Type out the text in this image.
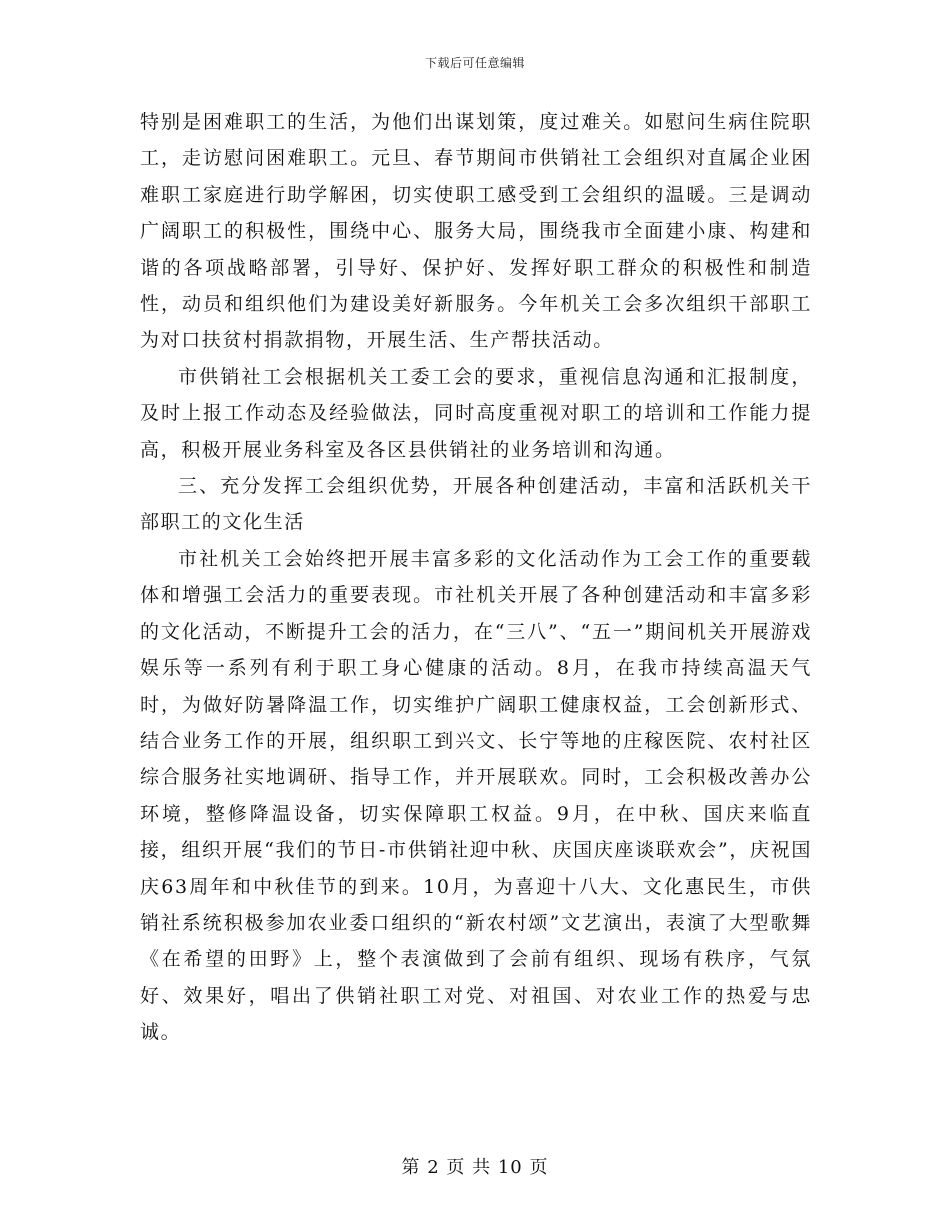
下载后可任意编辑

特别是困难职工的生活，为他们出谋划策，度过难关。如慰问生病住院职工，走访慰问困难职工。元旦、春节期间市供销社工会组织对直属企业困难职工家庭进行助学解困，切实使职工感受到工会组织的温暖。三是调动广阔职工的积极性，围绕中心、服务大局，围绕我市全面建小康、构建和谐的各项战略部署，引导好、保护好、发挥好职工群众的积极性和制造性，动员和组织他们为建设美好新服务。今年机关工会多次组织干部职工为对口扶贫村捐款捐物，开展生活、生产帮扶活动。

市供销社工会根据机关工委工会的要求，重视信息沟通和汇报制度，及时上报工作动态及经验做法，同时高度重视对职工的培训和工作能力提高，积极开展业务科室及各区县供销社的业务培训和沟通。

三、充分发挥工会组织优势，开展各种创建活动，丰富和活跃机关干部职工的文化生活

市社机关工会始终把开展丰富多彩的文化活动作为工会工作的重要载体和增强工会活力的重要表现。市社机关开展了各种创建活动和丰富多彩的文化活动，不断提升工会的活力，在“三八”、“五一”期间机关开展游戏娱乐等一系列有利于职工身心健康的活动。8月，在我市持续高温天气时，为做好防暑降温工作，切实维护广阔职工健康权益，工会创新形式、结合业务工作的开展，组织职工到兴文、长宁等地的庄稼医院、农村社区综合服务社实地调研、指导工作，并开展联欢。同时，工会积极改善办公环境，整修降温设备，切实保障职工权益。9月，在中秋、国庆来临直接，组织开展“我们的节日-市供销社迎中秋、庆国庆座谈联欢会”，庆祝国庆63周年和中秋佳节的到来。10月，为喜迎十八大、文化惠民生，市供销社系统积极参加农业委口组织的“新农村颂”文艺演出，表演了大型歌舞《在希望的田野》上，整个表演做到了会前有组织、现场有秩序，气氛好、效果好，唱出了供销社职工对党、对祖国、对农业工作的热爱与忠诚。

第 2 页 共 10 页
